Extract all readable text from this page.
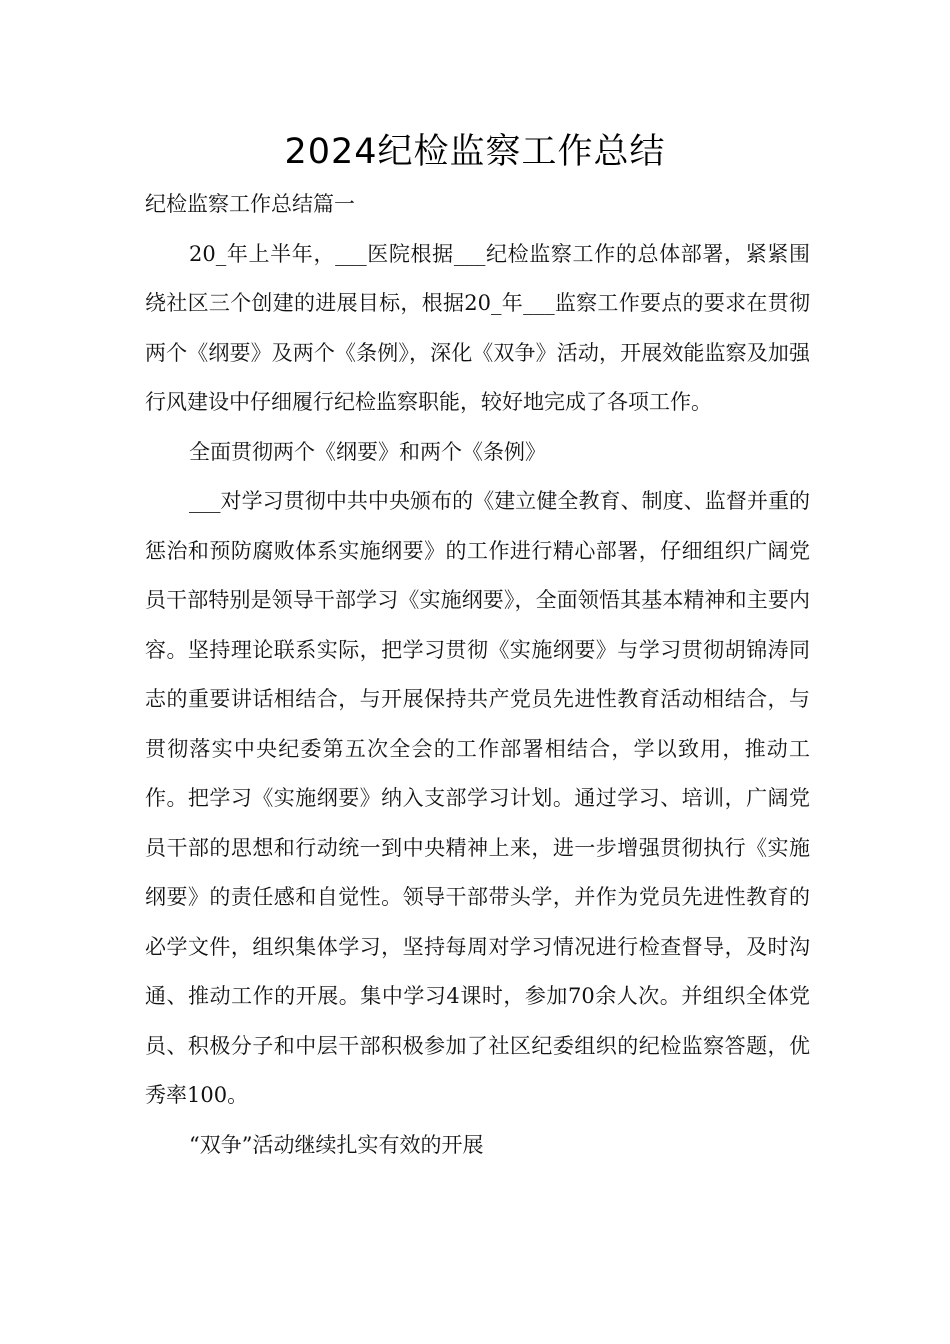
2024纪检监察工作总结

纪检监察工作总结篇一

20_年上半年，___医院根据___纪检监察工作的总体部署，紧紧围绕社区三个创建的进展目标，根据20_年___监察工作要点的要求在贯彻两个《纲要》及两个《条例》，深化《双争》活动，开展效能监察及加强行风建设中仔细履行纪检监察职能，较好地完成了各项工作。

全面贯彻两个《纲要》和两个《条例》

___对学习贯彻中共中央颁布的《建立健全教育、制度、监督并重的惩治和预防腐败体系实施纲要》的工作进行精心部署，仔细组织广阔党员干部特别是领导干部学习《实施纲要》，全面领悟其基本精神和主要内容。坚持理论联系实际，把学习贯彻《实施纲要》与学习贯彻胡锦涛同志的重要讲话相结合，与开展保持共产党员先进性教育活动相结合，与贯彻落实中央纪委第五次全会的工作部署相结合，学以致用，推动工作。把学习《实施纲要》纳入支部学习计划。通过学习、培训，广阔党员干部的思想和行动统一到中央精神上来，进一步增强贯彻执行《实施纲要》的责任感和自觉性。领导干部带头学，并作为党员先进性教育的必学文件，组织集体学习，坚持每周对学习情况进行检查督导，及时沟通、推动工作的开展。集中学习4课时，参加70余人次。并组织全体党员、积极分子和中层干部积极参加了社区纪委组织的纪检监察答题，优秀率100。

“双争”活动继续扎实有效的开展
